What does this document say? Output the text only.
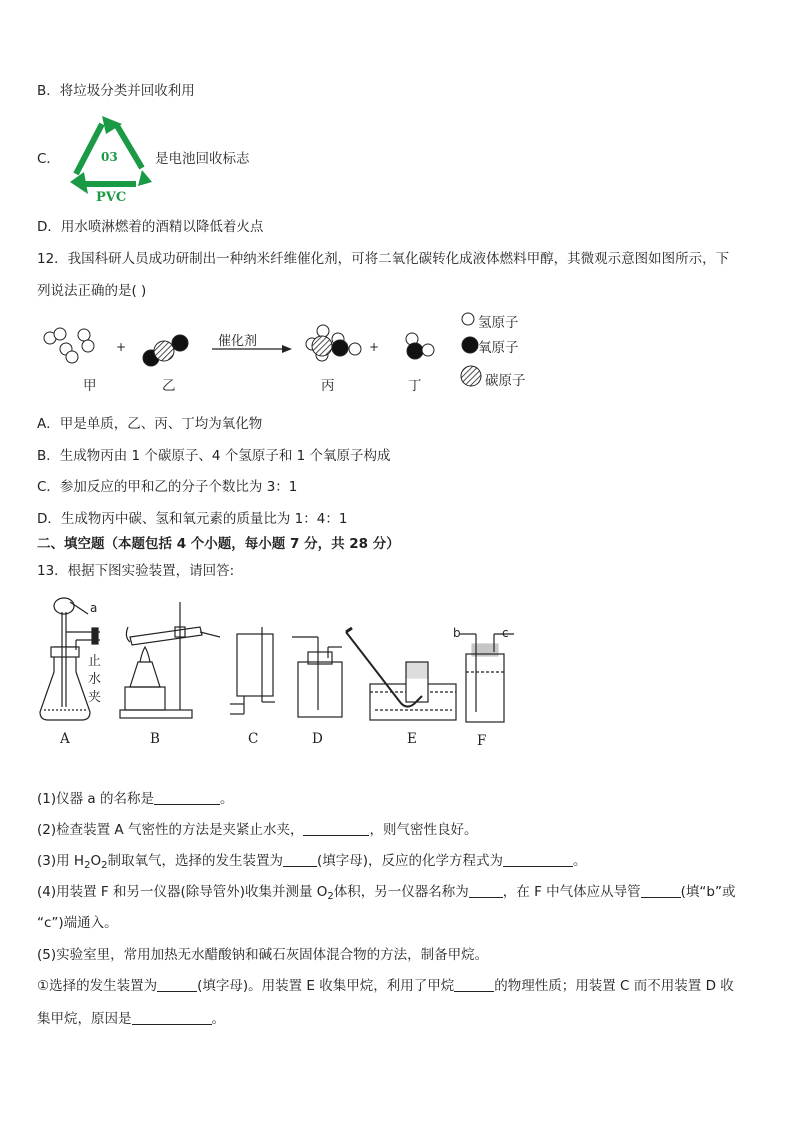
B．将垃圾分类并回收利用
C．	03
PVC
是电池回收标志
D．用水喷淋燃着的酒精以降低着火点
12．我国科研人员成功研制出一种纳米纤维催化剂，可将二氧化碳转化成液体燃料甲醇，其微观示意图如图所示，下
列说法正确的是( )
+	催化剂	+
甲	乙	丙	丁
氢原子
氧原子
碳原子
A．甲是单质，乙、丙、丁均为氧化物
B．生成物丙由 1 个碳原子、4 个氢原子和 1 个氧原子构成
C．参加反应的甲和乙的分子个数比为 3：1
D．生成物丙中碳、氢和氧元素的质量比为 1：4：1
二、填空题（本题包括 4 个小题，每小题 7 分，共 28 分）
13．根据下图实验装置，请回答:
a
止
水
夹
b	c
A	B	C	D	E	F
(1)仪器 a 的名称是	。
(2)检查装置 A 气密性的方法是夹紧止水夹，	，则气密性良好。
(3)用 $H_2O_2$制取氧气，选择的发生装置为	(填字母)，反应的化学方程式为	。
(4)用装置 F 和另一仪器(除导管外)收集并测量 $O_2$体积，另一仪器名称为	，在 F 中气体应从导管	(填“b”或
“c”)端通入。
(5)实验室里，常用加热无水醋酸钠和碱石灰固体混合物的方法，制备甲烷。
①选择的发生装置为	(填字母)。用装置 E 收集甲烷，利用了甲烷	的物理性质；用装置 C 而不用装置 D 收
集甲烷，原因是	。
